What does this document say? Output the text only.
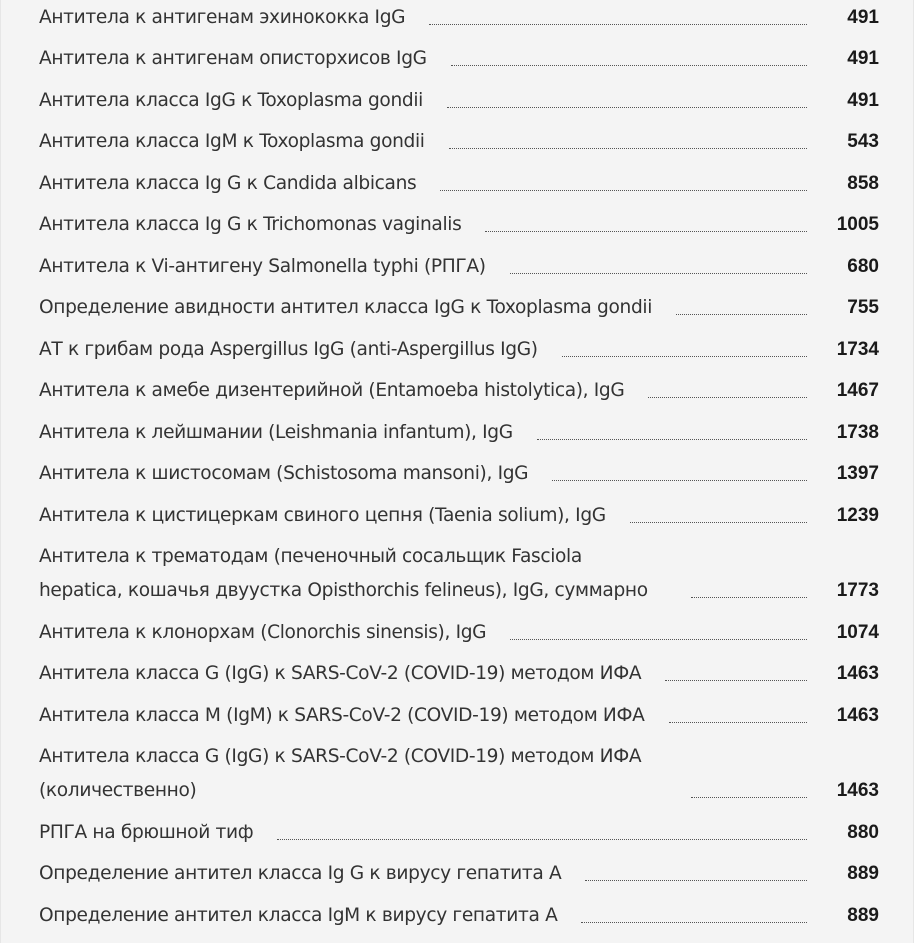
Антитела к антигенам эхинококка IgG	491
Антитела к антигенам описторхисов IgG	491
Антитела класса IgG к Toxoplasma gondii	491
Антитела класса IgM к Toxoplasma gondii	543
Антитела класса Ig G к Candida albicans	858
Антитела класса Ig G к Trichomonas vaginalis	1005
Антитела к Vi-антигену Salmonella typhi (РПГА)	680
Определение авидности антител класса IgG к Toxoplasma gondii	755
АТ к грибам рода Aspergillus IgG (anti-Aspergillus IgG)	1734
Антитела к амебе дизентерийной (Entamoeba histolytica), IgG	1467
Антитела к лейшмании (Leishmania infantum), IgG	1738
Антитела к шистосомам (Schistosoma mansoni), IgG	1397
Антитела к цистицеркам свиного цепня (Taenia solium), IgG	1239
Антитела к трематодам (печеночный сосальщик Fasciola hepatica, кошачья двуустка Opisthorchis felineus), IgG, суммарно	1773
Антитела к клонорхам (Clonorchis sinensis), IgG	1074
Антитела класса G (IgG) к SARS-CoV-2 (COVID-19) методом ИФА	1463
Антитела класса M (IgM) к SARS-CoV-2 (COVID-19) методом ИФА	1463
Антитела класса G (IgG) к SARS-CoV-2 (COVID-19) методом ИФА (количественно)	1463
РПГА на брюшной тиф	880
Определение антител класса Ig G к вирусу гепатита А	889
Определение антител класса IgM к вирусу гепатита А	889
